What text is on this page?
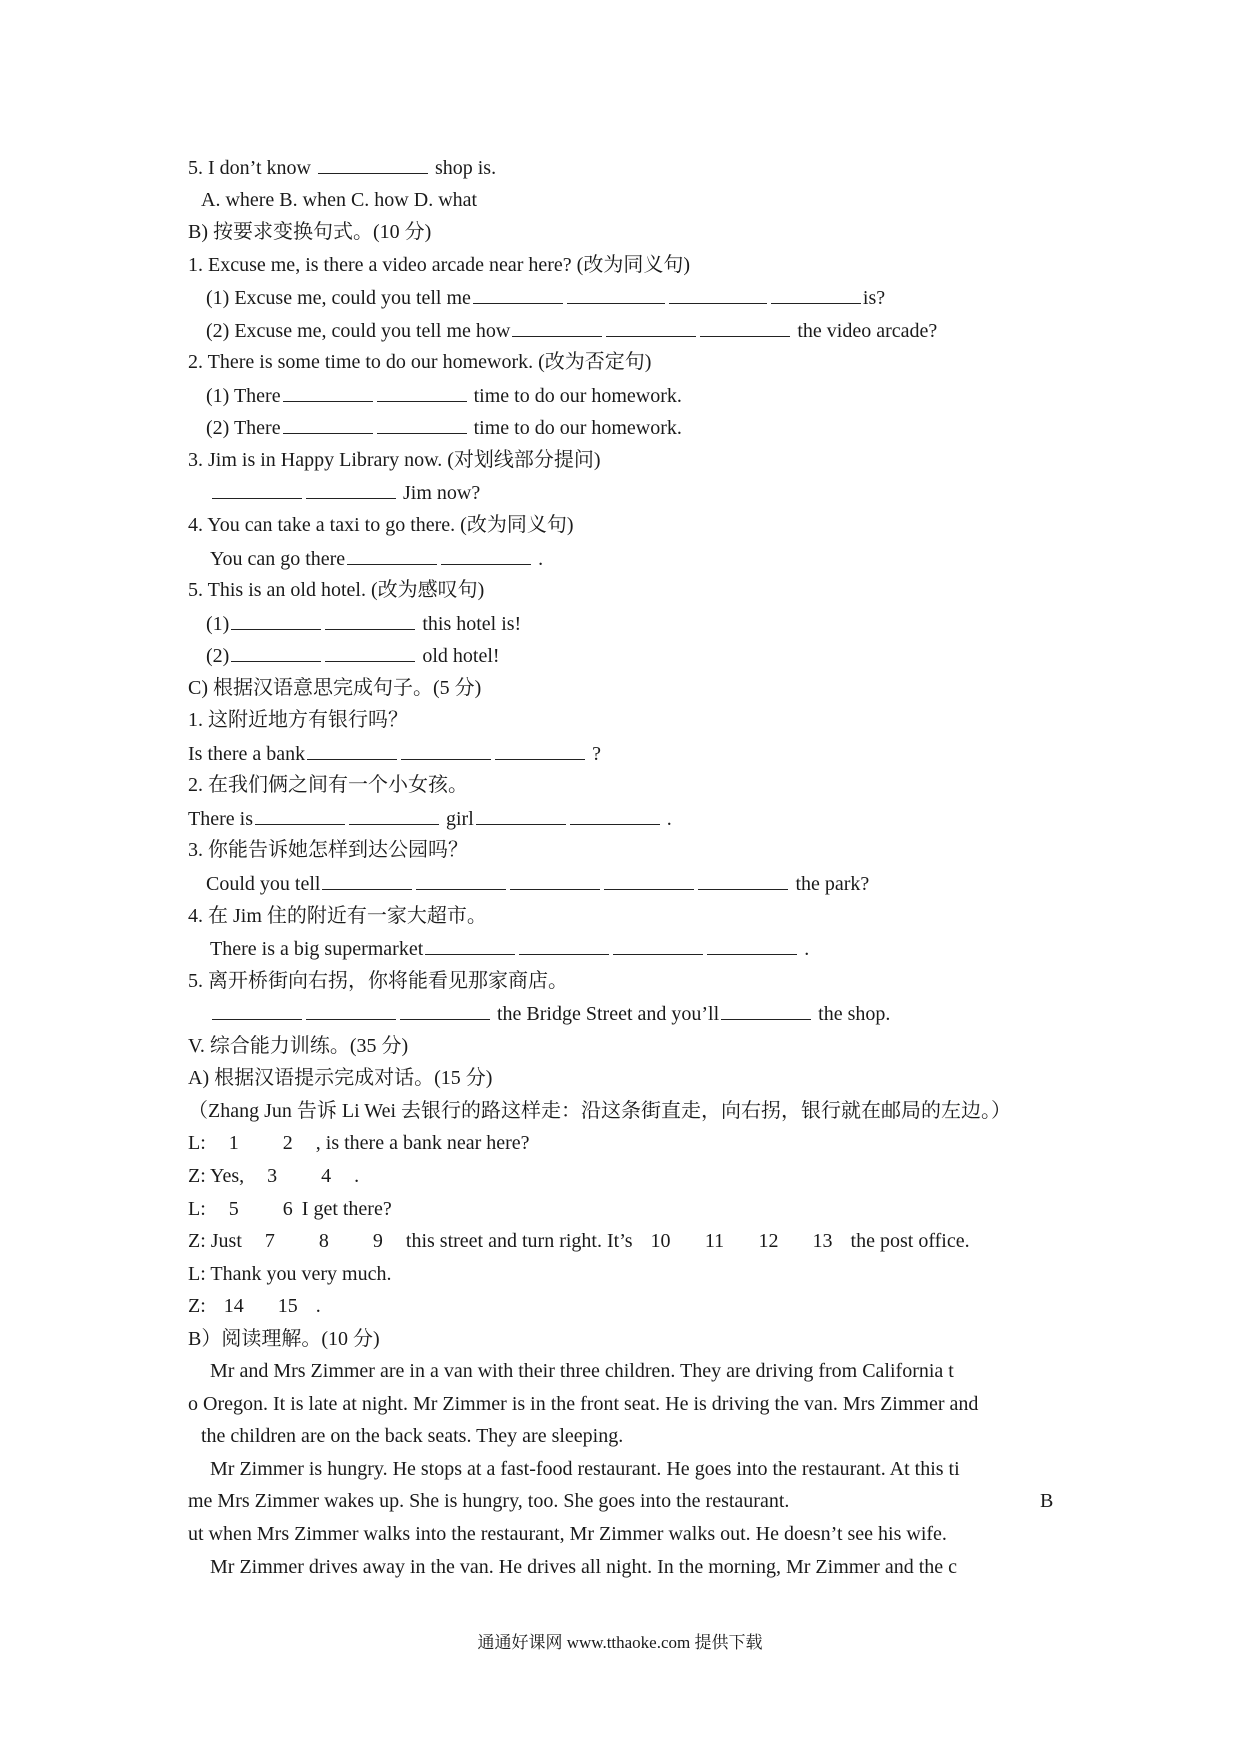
5. I don’t know	shop is.
A. where B. when C. how D. what
B) 按要求变换句式。(10 分)
1. Excuse me, is there a video arcade near here? (改为同义句)
(1) Excuse me, could you tell me	is?
(2) Excuse me, could you tell me how	the video arcade?
2. There is some time to do our homework. (改为否定句)
(1) There	time to do our homework.
(2) There	time to do our homework.
3. Jim is in Happy Library now. (对划线部分提问)
Jim now?
4. You can take a taxi to go there. (改为同义句)
You can go there	.
5. This is an old hotel. (改为感叹句)
(1)	this hotel is!
(2)	old hotel!
C) 根据汉语意思完成句子。(5 分)
1. 这附近地方有银行吗？
Is there a bank	?
2. 在我们俩之间有一个小女孩。
There is	girl	.
3. 你能告诉她怎样到达公园吗？
Could you tell	the park?
4. 在 Jim 住的附近有一家大超市。
There is a big supermarket	.
5. 离开桥街向右拐，你将能看见那家商店。
the Bridge Street and you’ll	the shop.
V. 综合能力训练。(35 分)
A) 根据汉语提示完成对话。(15 分)
（Zhang Jun 告诉 Li Wei 去银行的路这样走：沿这条街直走，向右拐，银行就在邮局的左边。）
L: 1 2 , is there a bank near here?
Z: Yes, 3 4 .
L: 5 6 I get there?
Z: Just 7 8 9 this street and turn right. It’s 10 11 12 13 the post office.
L: Thank you very much.
Z: 14 15 .
B）阅读理解。(10 分)
Mr and Mrs Zimmer are in a van with their three children. They are driving from California t
o Oregon. It is late at night. Mr Zimmer is in the front seat. He is driving the van. Mrs Zimmer and
the children are on the back seats. They are sleeping.
Mr Zimmer is hungry. He stops at a fast-food restaurant. He goes into the restaurant. At this ti
me Mrs Zimmer wakes up. She is hungry, too. She goes into the restaurant.	B
ut when Mrs Zimmer walks into the restaurant, Mr Zimmer walks out. He doesn’t see his wife.
Mr Zimmer drives away in the van. He drives all night. In the morning, Mr Zimmer and the c
通通好课网 www.tthaoke.com 提供下载
